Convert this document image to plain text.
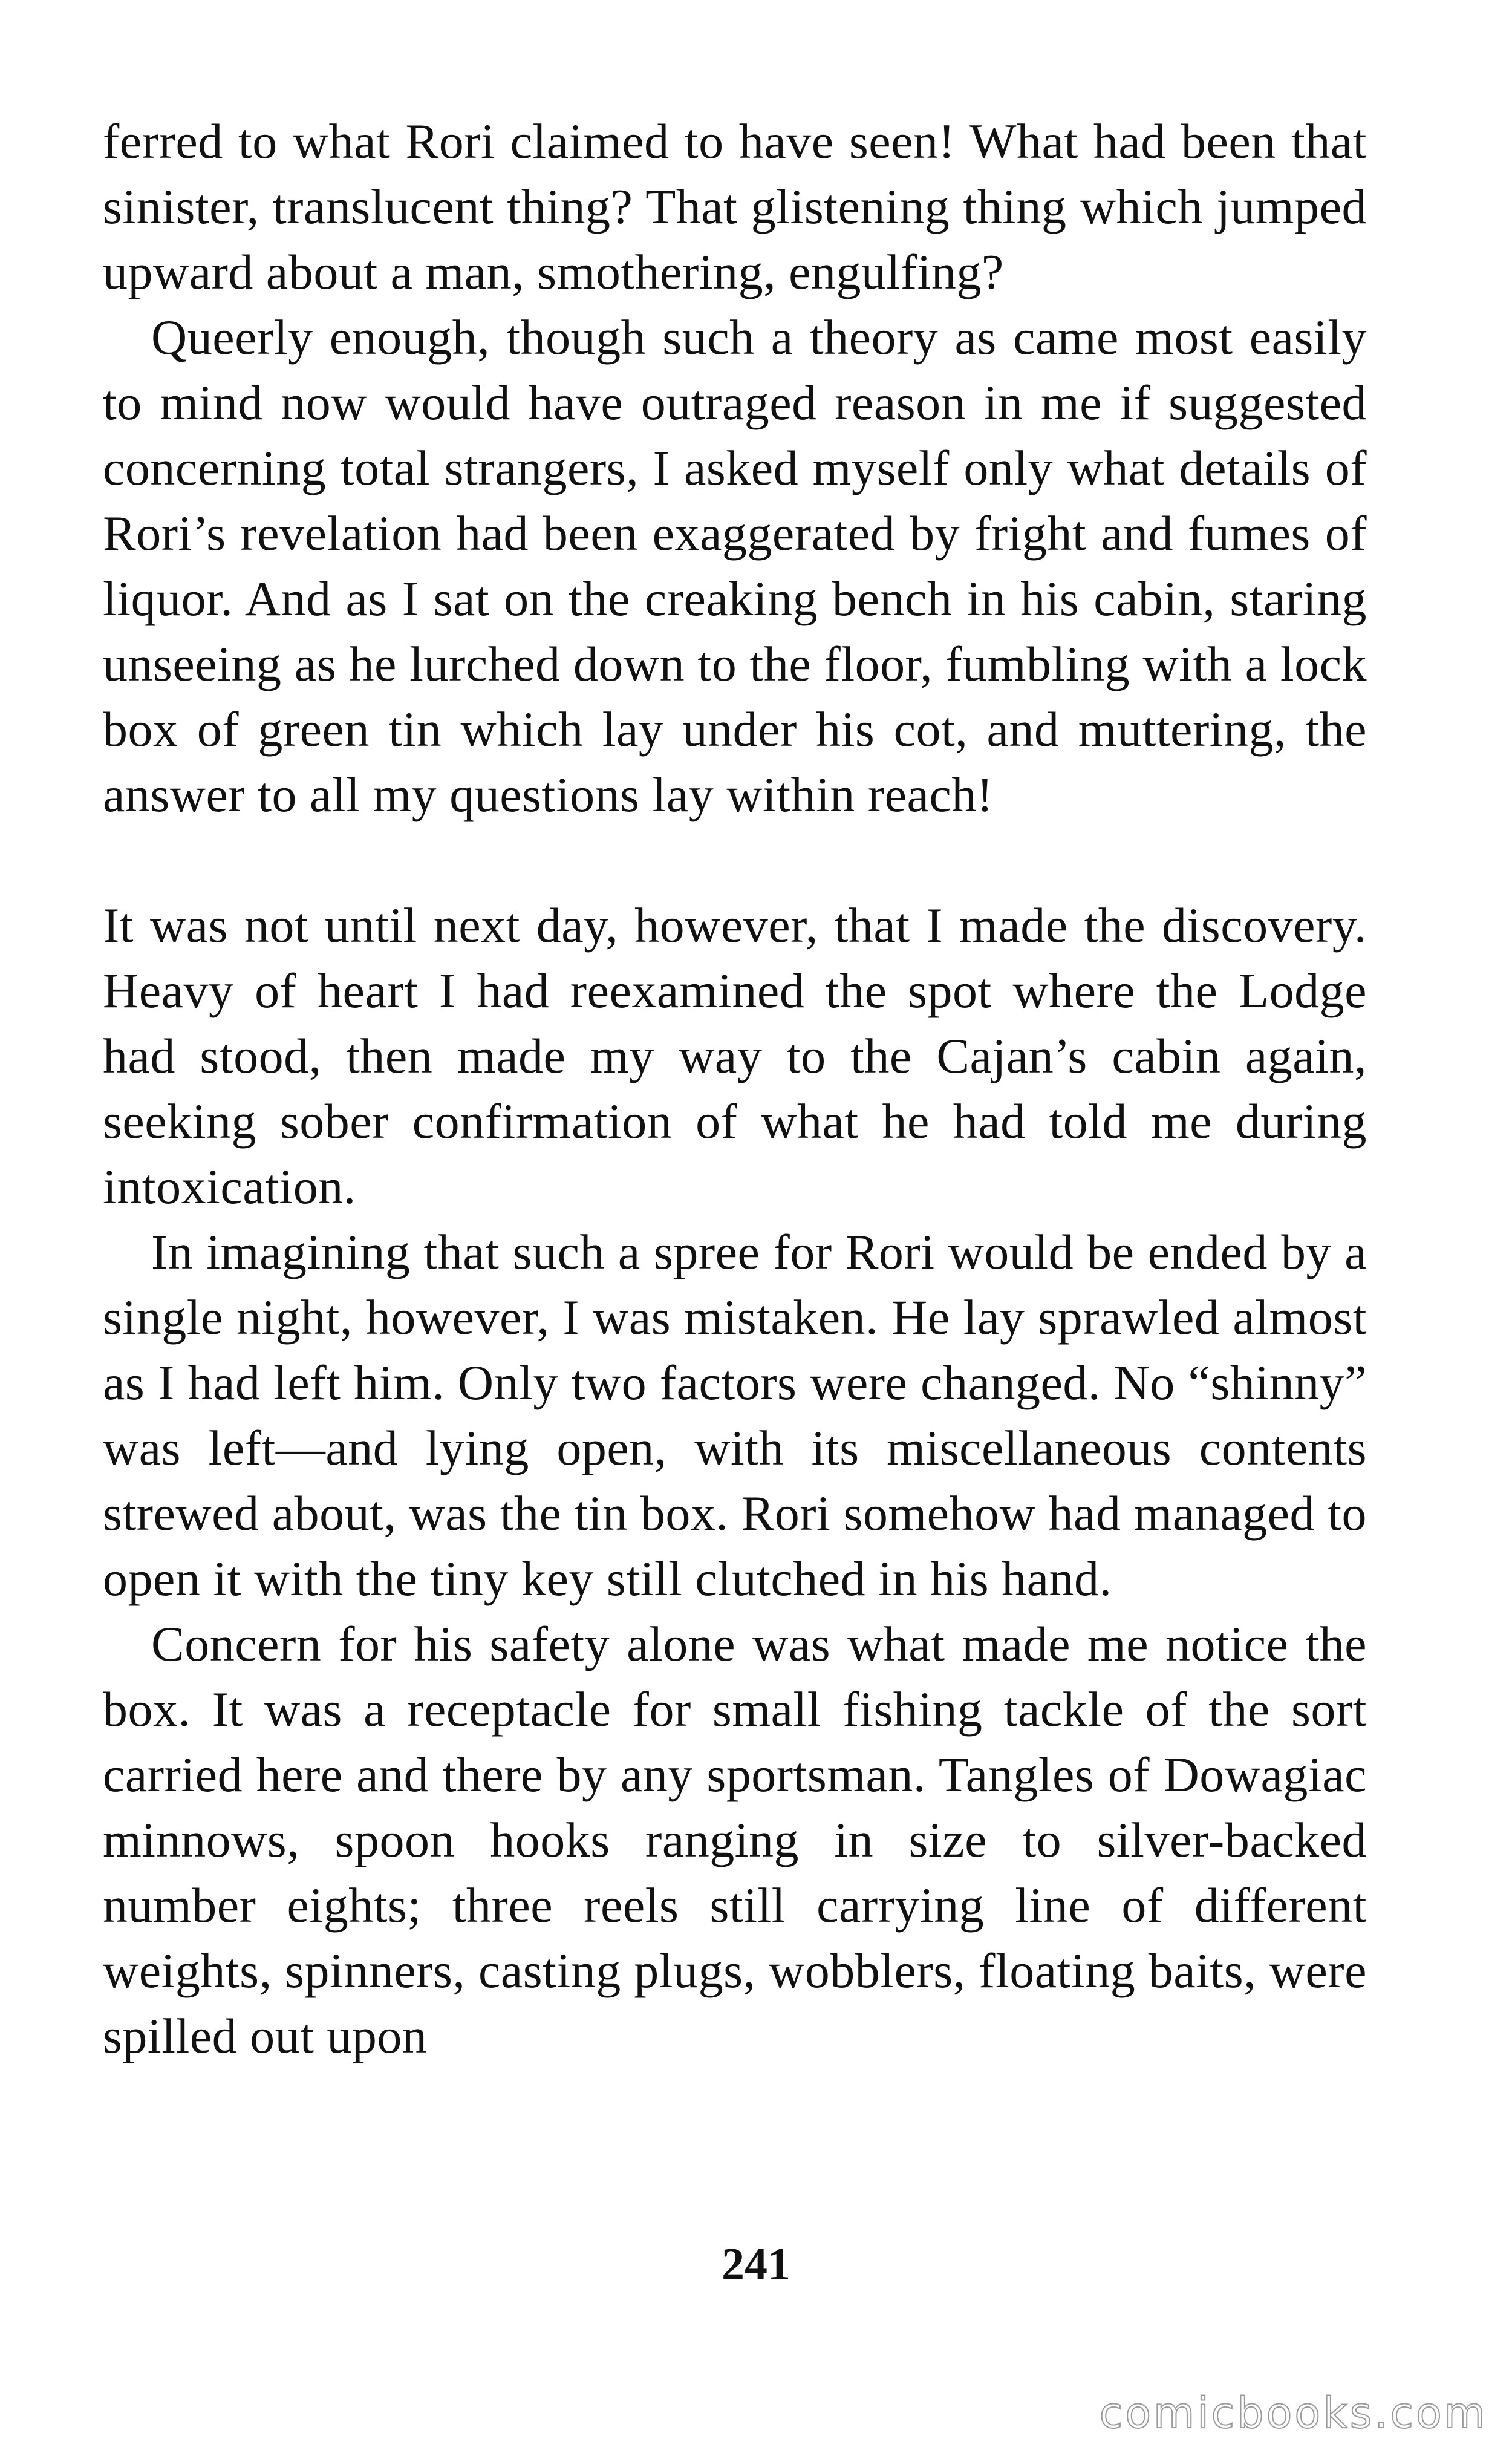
ferred to what Rori claimed to have seen! What had been that sinister, translucent thing? That glistening thing which jumped upward about a man, smothering, engulfing?

Queerly enough, though such a theory as came most easily to mind now would have outraged reason in me if suggested concerning total strangers, I asked myself only what details of Rori’s revelation had been exaggerated by fright and fumes of liquor. And as I sat on the creaking bench in his cabin, staring unseeing as he lurched down to the floor, fumbling with a lock box of green tin which lay under his cot, and muttering, the answer to all my questions lay within reach!

It was not until next day, however, that I made the discovery. Heavy of heart I had reexamined the spot where the Lodge had stood, then made my way to the Cajan’s cabin again, seeking sober confirmation of what he had told me during intoxication.

In imagining that such a spree for Rori would be ended by a single night, however, I was mistaken. He lay sprawled almost as I had left him. Only two factors were changed. No “shinny” was left—and lying open, with its miscellaneous contents strewed about, was the tin box. Rori somehow had managed to open it with the tiny key still clutched in his hand.

Concern for his safety alone was what made me notice the box. It was a receptacle for small fishing tackle of the sort carried here and there by any sportsman. Tangles of Dowagiac minnows, spoon hooks ranging in size to silver-backed number eights; three reels still carrying line of different weights, spinners, casting plugs, wobblers, floating baits, were spilled out upon

241
comicbooks.com
